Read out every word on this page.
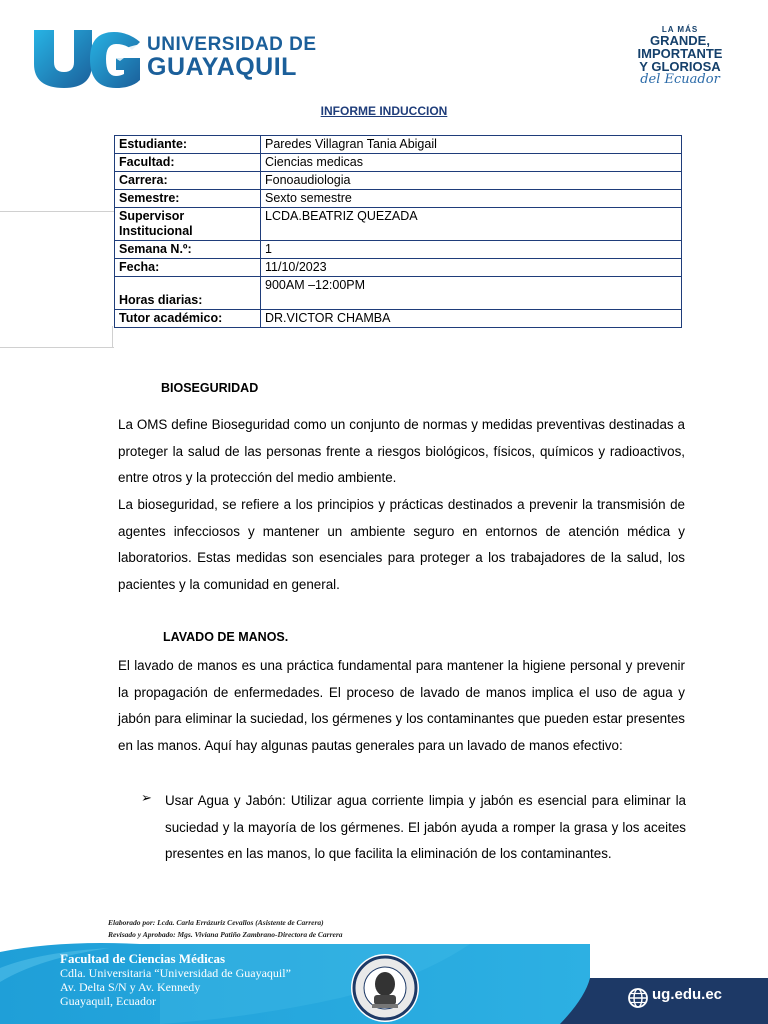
UNIVERSIDAD DE
GUAYAQUIL
LA MÁS
GRANDE,
IMPORTANTE
Y GLORIOSA
del Ecuador
INFORME INDUCCION
Estudiante:	Paredes Villagran Tania Abigail
Facultad:	Ciencias medicas
Carrera:	Fonoaudiologia
Semestre:	Sexto semestre
Supervisor Institucional	LCDA.BEATRIZ QUEZADA
Semana N.º:	1
Fecha:	11/10/2023
Horas diarias:	900AM –12:00PM
Tutor académico:	DR.VICTOR CHAMBA
BIOSEGURIDAD
La OMS define Bioseguridad como un conjunto de normas y medidas preventivas destinadas a proteger la salud de las personas frente a riesgos biológicos, físicos, químicos y radioactivos, entre otros y la protección del medio ambiente.
La bioseguridad, se refiere a los principios y prácticas destinados a prevenir la transmisión de agentes infecciosos y mantener un ambiente seguro en entornos de atención médica y laboratorios. Estas medidas son esenciales para proteger a los trabajadores de la salud, los pacientes y la comunidad en general.
LAVADO DE MANOS.
El lavado de manos es una práctica fundamental para mantener la higiene personal y prevenir la propagación de enfermedades. El proceso de lavado de manos implica el uso de agua y jabón para eliminar la suciedad, los gérmenes y los contaminantes que pueden estar presentes en las manos. Aquí hay algunas pautas generales para un lavado de manos efectivo:
➢ Usar Agua y Jabón: Utilizar agua corriente limpia y jabón es esencial para eliminar la suciedad y la mayoría de los gérmenes. El jabón ayuda a romper la grasa y los aceites presentes en las manos, lo que facilita la eliminación de los contaminantes.
Elaborado por: Lcda. Carla Errázuriz Cevallos (Asistente de Carrera)
Revisado y Aprobado: Mgs. Viviana Patiño Zambrano-Directora de Carrera
Facultad de Ciencias Médicas
Cdla. Universitaria “Universidad de Guayaquil”
Av. Delta S/N y Av. Kennedy
Guayaquil, Ecuador	ug.edu.ec
